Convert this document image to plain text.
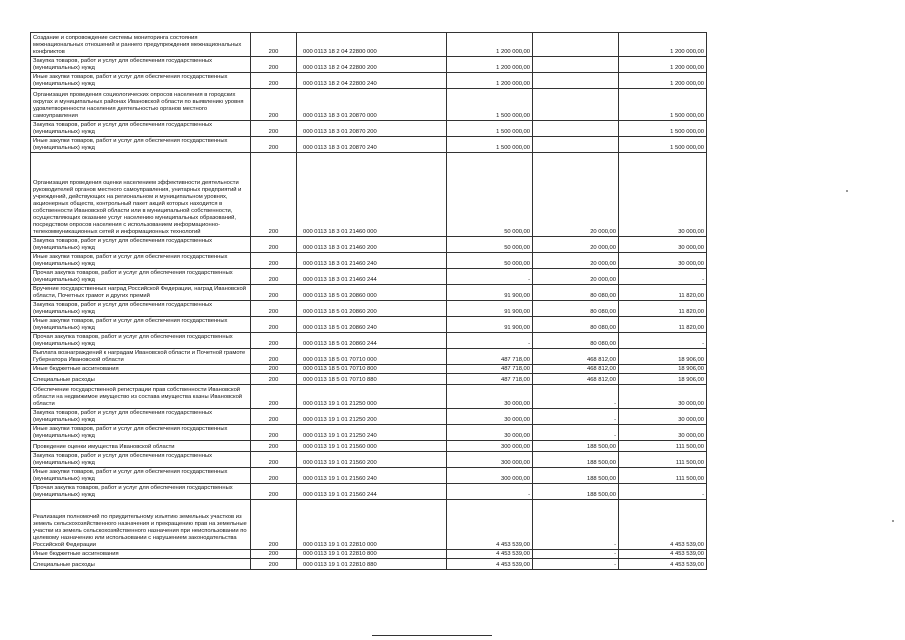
Создание и сопровождение системы мониторинга состояния межнациональных отношений и раннего предупреждения межнациональных конфликтов	200	000 0113 18 2 04 22800 000	1 200 000,00		1 200 000,00
Закупка товаров, работ и услуг для обеспечения государственных (муниципальных) нужд	200	000 0113 18 2 04 22800 200	1 200 000,00		1 200 000,00
Иные закупки товаров, работ и услуг для обеспечения государственных (муниципальных) нужд	200	000 0113 18 2 04 22800 240	1 200 000,00		1 200 000,00
Организация проведения социологических опросов населения в городских округах и муниципальных районах Ивановской области по выявлению уровня удовлетворенности населения деятельностью органов местного самоуправления	200	000 0113 18 3 01 20870 000	1 500 000,00		1 500 000,00
Закупка товаров, работ и услуг для обеспечения государственных (муниципальных) нужд	200	000 0113 18 3 01 20870 200	1 500 000,00		1 500 000,00
Иные закупки товаров, работ и услуг для обеспечения государственных (муниципальных) нужд	200	000 0113 18 3 01 20870 240	1 500 000,00		1 500 000,00
Организация проведения оценки населением эффективности деятельности руководителей органов местного самоуправления, унитарных предприятий и учреждений, действующих на региональном и муниципальном уровнях, акционерных обществ, контрольный пакет акций которых находится в собственности Ивановской области или в муниципальной собственности, осуществляющих оказание услуг населению муниципальных образований, посредством опросов населения с использованием информационно-телекоммуникационных сетей и информационных технологий	200	000 0113 18 3 01 21460 000	50 000,00	20 000,00	30 000,00
Закупка товаров, работ и услуг для обеспечения государственных (муниципальных) нужд	200	000 0113 18 3 01 21460 200	50 000,00	20 000,00	30 000,00
Иные закупки товаров, работ и услуг для обеспечения государственных (муниципальных) нужд	200	000 0113 18 3 01 21460 240	50 000,00	20 000,00	30 000,00
Прочая закупка товаров, работ и услуг для обеспечения государственных (муниципальных) нужд	200	000 0113 18 3 01 21460 244	-	20 000,00	-
Вручение государственных наград Российской Федерации, наград Ивановской области, Почетных грамот и других премий	200	000 0113 18 5 01 20860 000	91 900,00	80 080,00	11 820,00
Закупка товаров, работ и услуг для обеспечения государственных (муниципальных) нужд	200	000 0113 18 5 01 20860 200	91 900,00	80 080,00	11 820,00
Иные закупки товаров, работ и услуг для обеспечения государственных (муниципальных) нужд	200	000 0113 18 5 01 20860 240	91 900,00	80 080,00	11 820,00
Прочая закупка товаров, работ и услуг для обеспечения государственных (муниципальных) нужд	200	000 0113 18 5 01 20860 244	-	80 080,00	-
Выплата вознаграждений к наградам Ивановской области и Почетной грамоте Губернатора Ивановской области	200	000 0113 18 5 01 70710 000	487 718,00	468 812,00	18 906,00
Иные бюджетные ассигнования	200	000 0113 18 5 01 70710 800	487 718,00	468 812,00	18 906,00
Специальные расходы	200	000 0113 18 5 01 70710 880	487 718,00	468 812,00	18 906,00
Обеспечение государственной регистрации прав собственности Ивановской области на недвижимое имущество из состава имущества казны Ивановской области	200	000 0113 19 1 01 21250 000	30 000,00	-	30 000,00
Закупка товаров, работ и услуг для обеспечения государственных (муниципальных) нужд	200	000 0113 19 1 01 21250 200	30 000,00	-	30 000,00
Иные закупки товаров, работ и услуг для обеспечения государственных (муниципальных) нужд	200	000 0113 19 1 01 21250 240	30 000,00	-	30 000,00
Проведение оценки имущества Ивановской области	200	000 0113 19 1 01 21560 000	300 000,00	188 500,00	111 500,00
Закупка товаров, работ и услуг для обеспечения государственных (муниципальных) нужд	200	000 0113 19 1 01 21560 200	300 000,00	188 500,00	111 500,00
Иные закупки товаров, работ и услуг для обеспечения государственных (муниципальных) нужд	200	000 0113 19 1 01 21560 240	300 000,00	188 500,00	111 500,00
Прочая закупка товаров, работ и услуг для обеспечения государственных (муниципальных) нужд	200	000 0113 19 1 01 21560 244	-	188 500,00	-
Реализация полномочий по приудительному изъятию земельных участков из земель сельскохозяйственного назначения и прекращению прав на земельные участки из земель сельскохозяйственного назначения при неиспользовании по целевому назначению или использовании с нарушением законодательства Российской Федерации	200	000 0113 19 1 01 22810 000	4 453 539,00	-	4 453 539,00
Иные бюджетные ассигнования	200	000 0113 19 1 01 22810 800	4 453 539,00	-	4 453 539,00
Специальные расходы	200	000 0113 19 1 01 22810 880	4 453 539,00	-	4 453 539,00
